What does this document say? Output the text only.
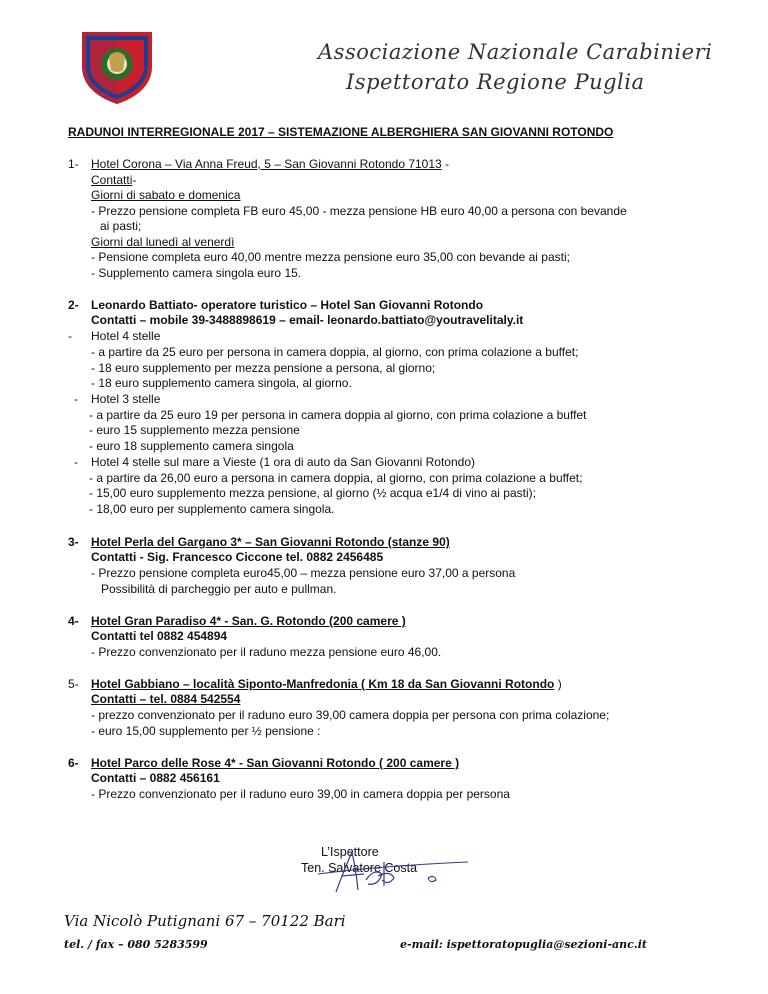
Associazione Nazionale Carabinieri
Ispettorato Regione Puglia
RADUNOI INTERREGIONALE 2017 – SISTEMAZIONE ALBERGHIERA SAN GIOVANNI ROTONDO
1- Hotel Corona – Via Anna Freud, 5 – San Giovanni Rotondo 71013 -
Contatti-
Giorni di sabato e domenica
- Prezzo pensione completa FB euro 45,00 - mezza pensione HB euro 40,00 a persona con bevande
ai pasti;
Giorni dal lunedì al venerdì
- Pensione completa euro 40,00 mentre mezza pensione euro 35,00 con bevande ai pasti;
- Supplemento camera singola euro 15.
2- Leonardo Battiato- operatore turistico – Hotel San Giovanni Rotondo
Contatti – mobile 39-3488898619 – email- leonardo.battiato@youtravelitaly.it
- Hotel 4 stelle
- a partire da 25 euro per persona in camera doppia, al giorno, con prima colazione a buffet;
- 18 euro supplemento per mezza pensione a persona, al giorno;
- 18 euro supplemento camera singola, al giorno.
- Hotel 3 stelle
- a partire da 25 euro 19 per persona in camera doppia al giorno, con prima colazione a buffet
- euro 15 supplemento mezza pensione
- euro 18 supplemento camera singola
- Hotel 4 stelle sul mare a Vieste (1 ora di auto da San Giovanni Rotondo)
- a partire da 26,00 euro a persona in camera doppia, al giorno, con prima colazione a buffet;
- 15,00 euro supplemento mezza pensione, al giorno (½ acqua e1/4 di vino ai pasti);
- 18,00 euro per supplemento camera singola.
3- Hotel Perla del Gargano 3* – San Giovanni Rotondo (stanze 90)
Contatti - Sig. Francesco Ciccone tel. 0882 2456485
- Prezzo pensione completa euro45,00 – mezza pensione euro 37,00 a persona
Possibilità di parcheggio per auto e pullman.
4- Hotel Gran Paradiso 4* - San. G. Rotondo (200 camere )
Contatti tel 0882 454894
- Prezzo convenzionato per il raduno mezza pensione euro 46,00.
5- Hotel Gabbiano – località Siponto-Manfredonia ( Km 18 da San Giovanni Rotondo )
Contatti – tel. 0884 542554
- prezzo convenzionato per il raduno euro 39,00 camera doppia per persona con prima colazione;
- euro 15,00 supplemento per ½ pensione :
6- Hotel Parco delle Rose 4* - San Giovanni Rotondo ( 200 camere )
Contatti – 0882 456161
- Prezzo convenzionato per il raduno euro 39,00 in camera doppia per persona
L’Ispettore
Ten. Salvatore Costa
Via Nicolò Putignani 67 – 70122 Bari
tel. / fax – 080 5283599	e-mail: ispettoratopuglia@sezioni-anc.it
